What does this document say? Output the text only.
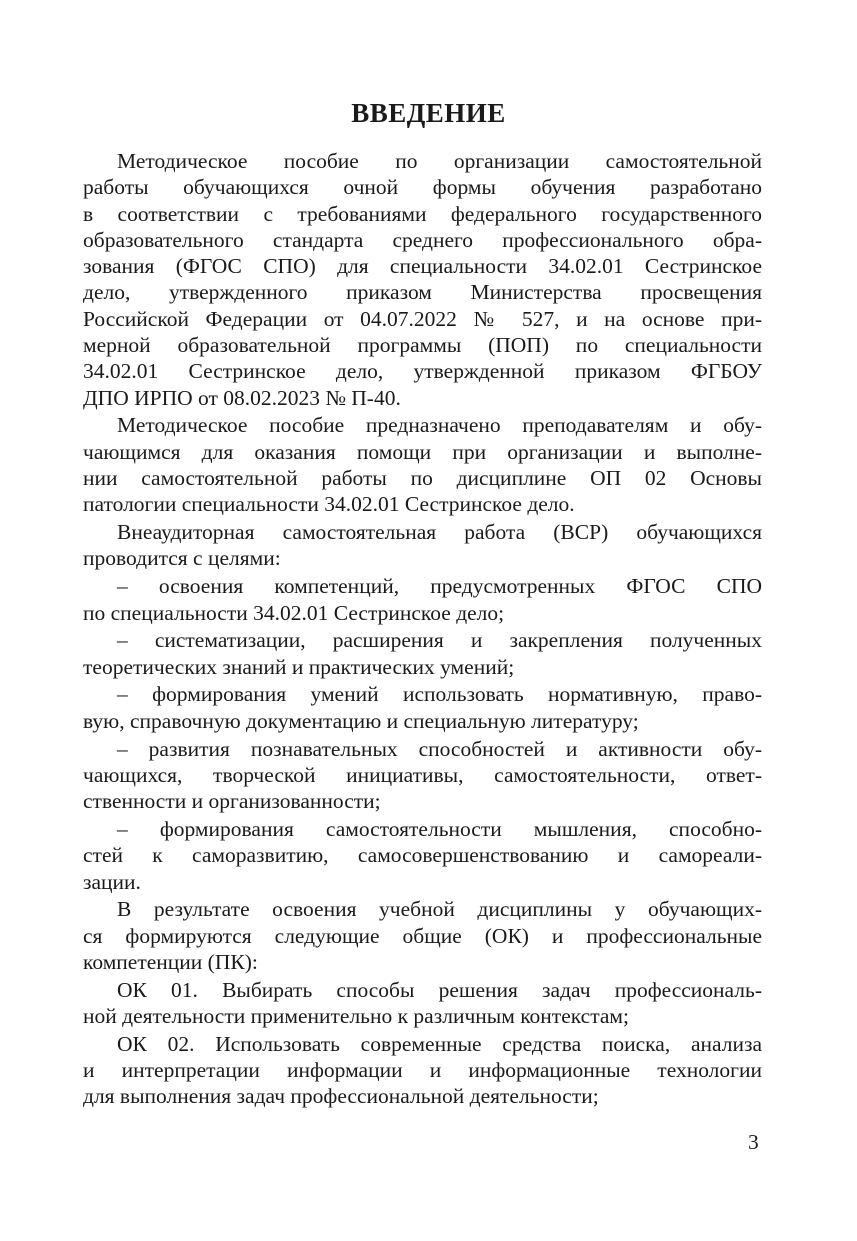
ВВЕДЕНИЕ
Методическое пособие по организации самостоятельной
работы обучающихся очной формы обучения разработано
в соответствии с требованиями федерального государственного
образовательного стандарта среднего профессионального обра-
зования (ФГОС СПО) для специальности 34.02.01 Сестринское
дело, утвержденного приказом Министерства просвещения
Российской Федерации от 04.07.2022 № 527, и на основе при-
мерной образовательной программы (ПОП) по специальности
34.02.01 Сестринское дело, утвержденной приказом ФГБОУ
ДПО ИРПО от 08.02.2023 № П-40.
Методическое пособие предназначено преподавателям и обу-
чающимся для оказания помощи при организации и выполне-
нии самостоятельной работы по дисциплине ОП 02 Основы
патологии специальности 34.02.01 Сестринское дело.
Внеаудиторная самостоятельная работа (ВСР) обучающихся
проводится с целями:
– освоения компетенций, предусмотренных ФГОС СПО
по специальности 34.02.01 Сестринское дело;
– систематизации, расширения и закрепления полученных
теоретических знаний и практических умений;
– формирования умений использовать нормативную, право-
вую, справочную документацию и специальную литературу;
– развития познавательных способностей и активности обу-
чающихся, творческой инициативы, самостоятельности, ответ-
ственности и организованности;
– формирования самостоятельности мышления, способно-
стей к саморазвитию, самосовершенствованию и самореали-
зации.
В результате освоения учебной дисциплины у обучающих-
ся формируются следующие общие (ОК) и профессиональные
компетенции (ПК):
ОК 01. Выбирать способы решения задач профессиональ-
ной деятельности применительно к различным контекстам;
ОК 02. Использовать современные средства поиска, анализа
и интерпретации информации и информационные технологии
для выполнения задач профессиональной деятельности;
3
